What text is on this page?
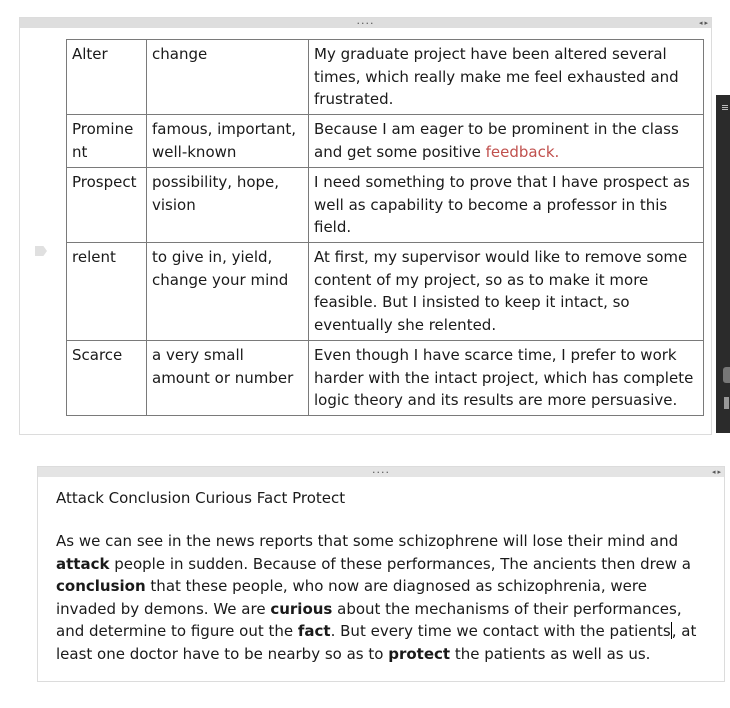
....	◂ ▸
Alter	change	My graduate project have been altered several times, which really make me feel exhausted and frustrated.
Promine nt	famous, important, well-known	Because I am eager to be prominent in the class and get some positive feedback.
Prospect	possibility, hope, vision	I need something to prove that I have prospect as well as capability to become a professor in this field.
relent	to give in, yield, change your mind	At first, my supervisor would like to remove some content of my project, so as to make it more feasible. But I insisted to keep it intact, so eventually she relented.
Scarce	a very small amount or number	Even though I have scarce time, I prefer to work harder with the intact project, which has complete logic theory and its results are more persuasive.
....	◂ ▸
Attack Conclusion Curious Fact Protect
As we can see in the news reports that some schizophrene will lose their mind and attack people in sudden. Because of these performances, The ancients then drew a conclusion that these people, who now are diagnosed as schizophrenia, were invaded by demons. We are curious about the mechanisms of their performances, and determine to figure out the fact. But every time we contact with the patients, at least one doctor have to be nearby so as to protect the patients as well as us.
